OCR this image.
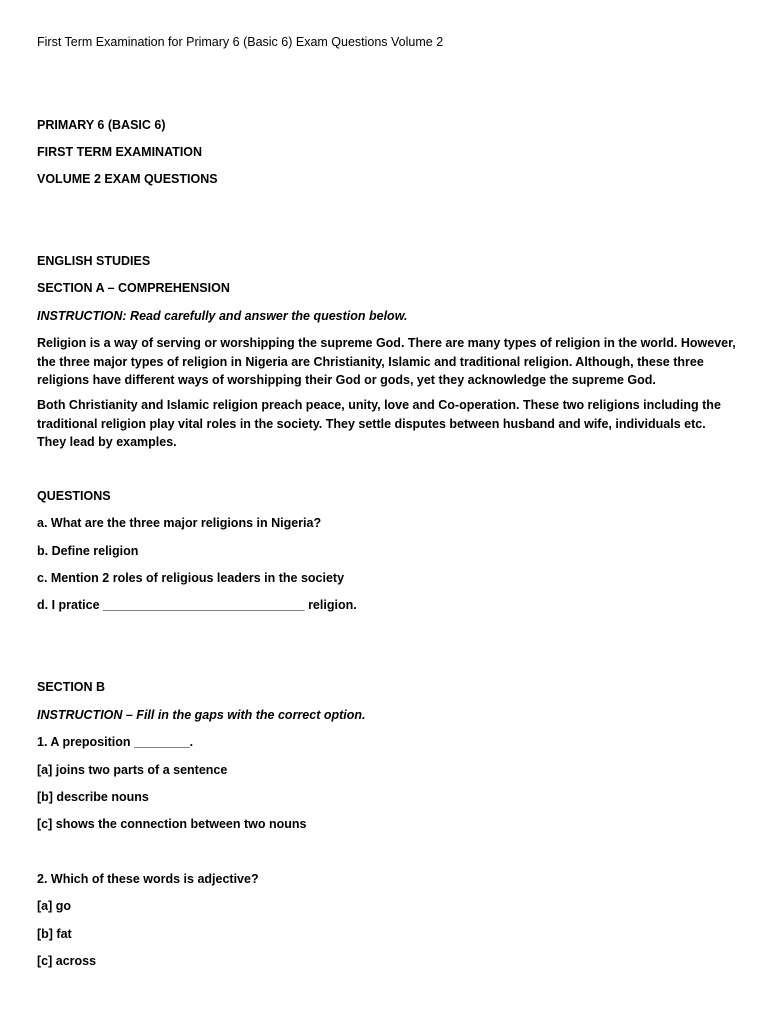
First Term Examination for Primary 6 (Basic 6) Exam Questions Volume 2
PRIMARY 6 (BASIC 6)
FIRST TERM EXAMINATION
VOLUME 2 EXAM QUESTIONS
ENGLISH STUDIES
SECTION A – COMPREHENSION
INSTRUCTION: Read carefully and answer the question below.
Religion is a way of serving or worshipping the supreme God. There are many types of religion in the world. However, the three major types of religion in Nigeria are Christianity, Islamic and traditional religion. Although, these three religions have different ways of worshipping their God or gods, yet they acknowledge the supreme God.
Both Christianity and Islamic religion preach peace, unity, love and Co-operation. These two religions including the traditional religion play vital roles in the society. They settle disputes between husband and wife, individuals etc. They lead by examples.
QUESTIONS
a. What are the three major religions in Nigeria?
b. Define religion
c. Mention 2 roles of religious leaders in the society
d. I pratice _____________________________ religion.
SECTION B
INSTRUCTION – Fill in the gaps with the correct option.
1. A preposition ________.
[a] joins two parts of a sentence
[b] describe nouns
[c] shows the connection between two nouns
2. Which of these words is adjective?
[a] go
[b] fat
[c] across
